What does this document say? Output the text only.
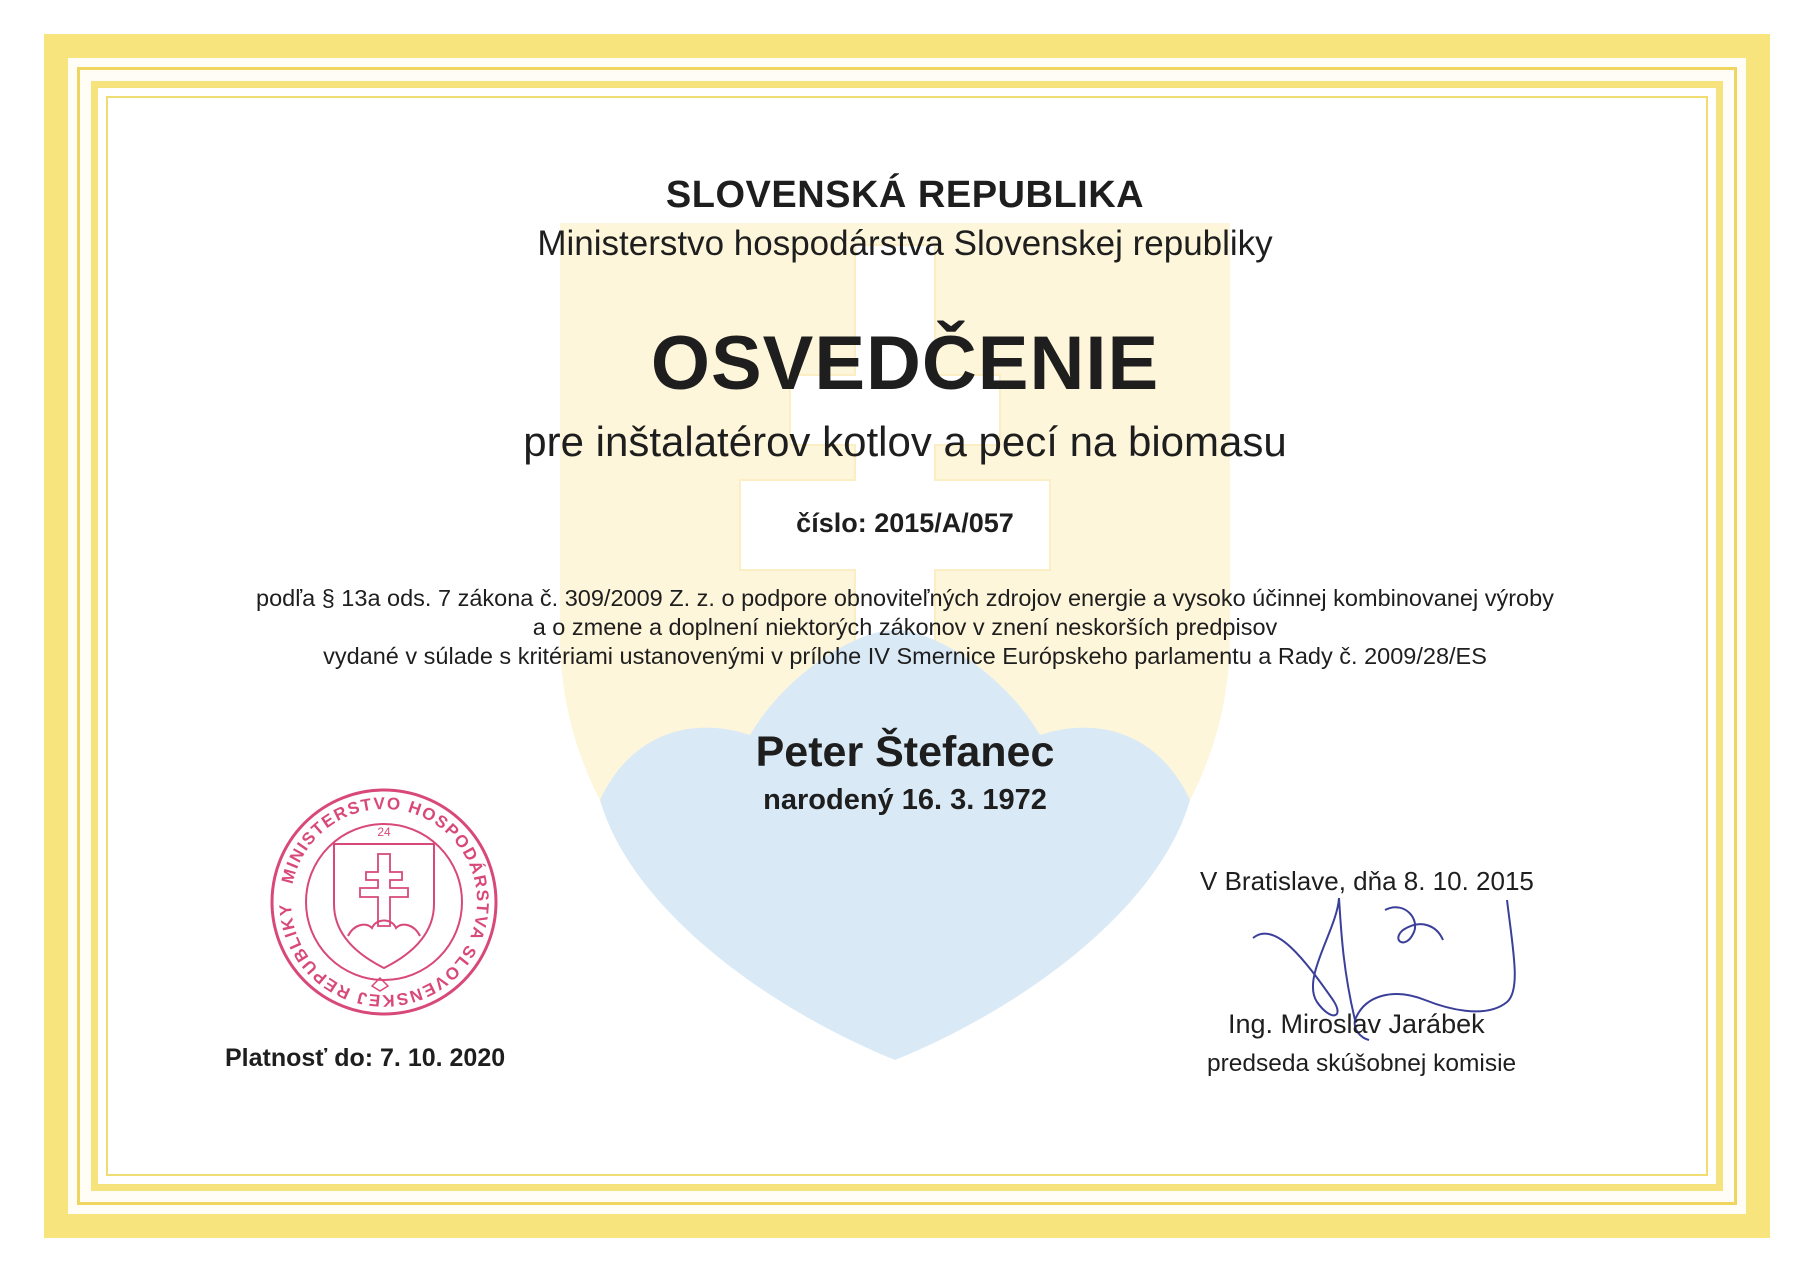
SLOVENSKÁ REPUBLIKA
Ministerstvo hospodárstva Slovenskej republiky
OSVEDČENIE
pre inštalatérov kotlov a pecí na biomasu
číslo: 2015/A/057
podľa § 13a ods. 7 zákona č. 309/2009 Z. z. o podpore obnoviteľných zdrojov energie a vysoko účinnej kombinovanej výroby
a o zmene a doplnení niektorých zákonov v znení neskorších predpisov
vydané v súlade s kritériami ustanovenými v prílohe IV Smernice Európskeho parlamentu a Rady č. 2009/28/ES
Peter Štefanec
narodený 16. 3. 1972
MINISTERSTVO HOSPODÁRSTVA SLOVENSKEJ REPUBLIKY
24
Platnosť do: 7. 10. 2020
V Bratislave, dňa 8. 10. 2015
Ing. Miroslav Jarábek
predseda skúšobnej komisie
